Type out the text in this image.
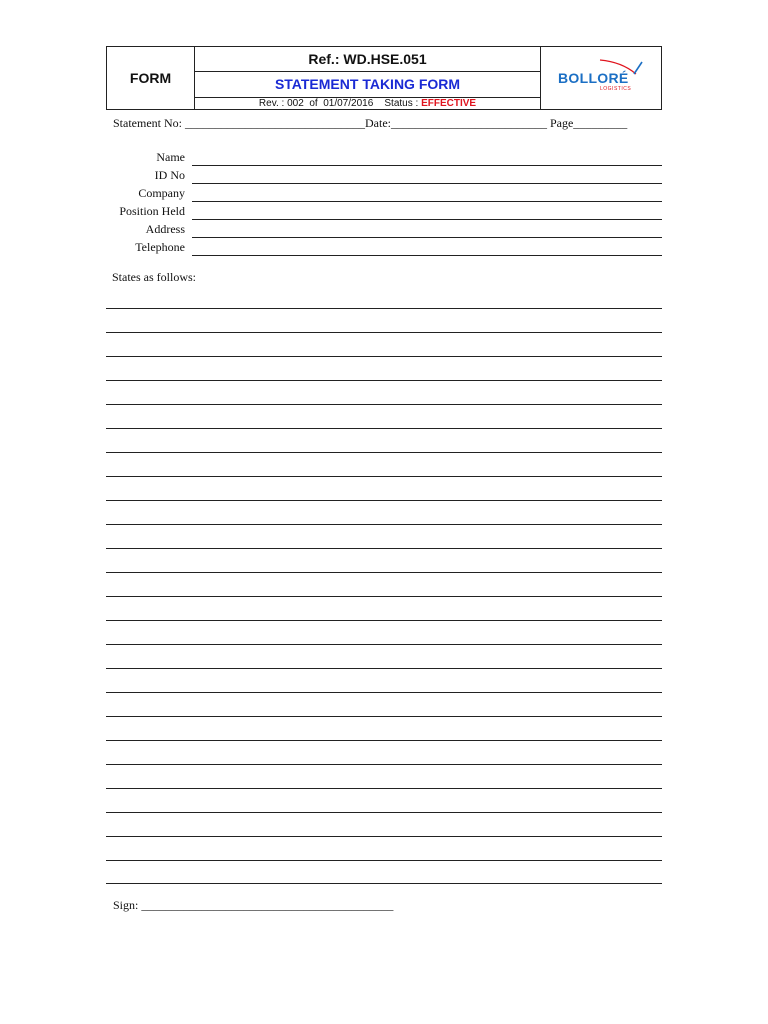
FORM
Ref.: WD.HSE.051
STATEMENT TAKING FORM
Rev. : 002  of  01/07/2016    Status : EFFECTIVE
BOLLORÉ
LOGISTICS
Statement No: ______________________________Date:__________________________ Page_________
Name
ID No
Company
Position Held
Address
Telephone
States as follows:
Sign: __________________________________________
